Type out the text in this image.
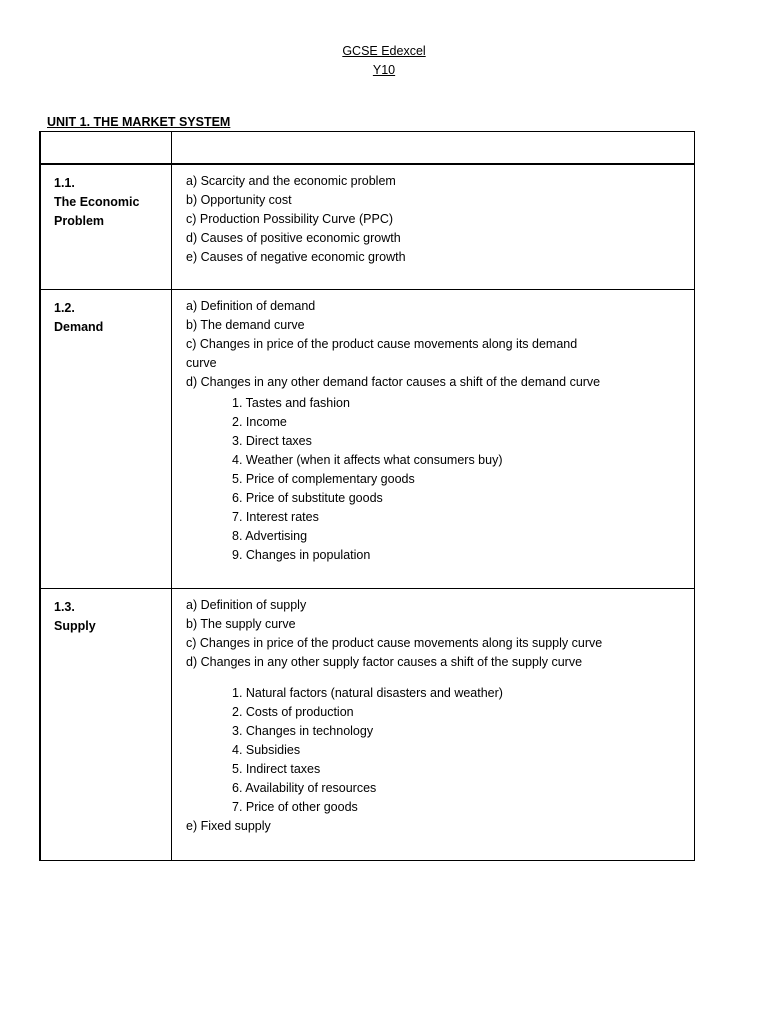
GCSE Edexcel
Y10
UNIT 1. THE MARKET SYSTEM
1.1.
The Economic
Problem
a) Scarcity and the economic problem
b) Opportunity cost
c) Production Possibility Curve (PPC)
d) Causes of positive economic growth
e) Causes of negative economic growth
1.2.
Demand
a) Definition of demand
b) The demand curve
c) Changes in price of the product cause movements along its demand curve
d) Changes in any other demand factor causes a shift of the demand curve
1. Tastes and fashion
2. Income
3. Direct taxes
4. Weather (when it affects what consumers buy)
5. Price of complementary goods
6. Price of substitute goods
7. Interest rates
8. Advertising
9. Changes in population
1.3.
Supply
a) Definition of supply
b) The supply curve
c) Changes in price of the product cause movements along its supply curve d) Changes in any other supply factor causes a shift of the supply curve
1. Natural factors (natural disasters and weather)
2. Costs of production
3. Changes in technology
4. Subsidies
5. Indirect taxes
6. Availability of resources
7. Price of other goods
e) Fixed supply
